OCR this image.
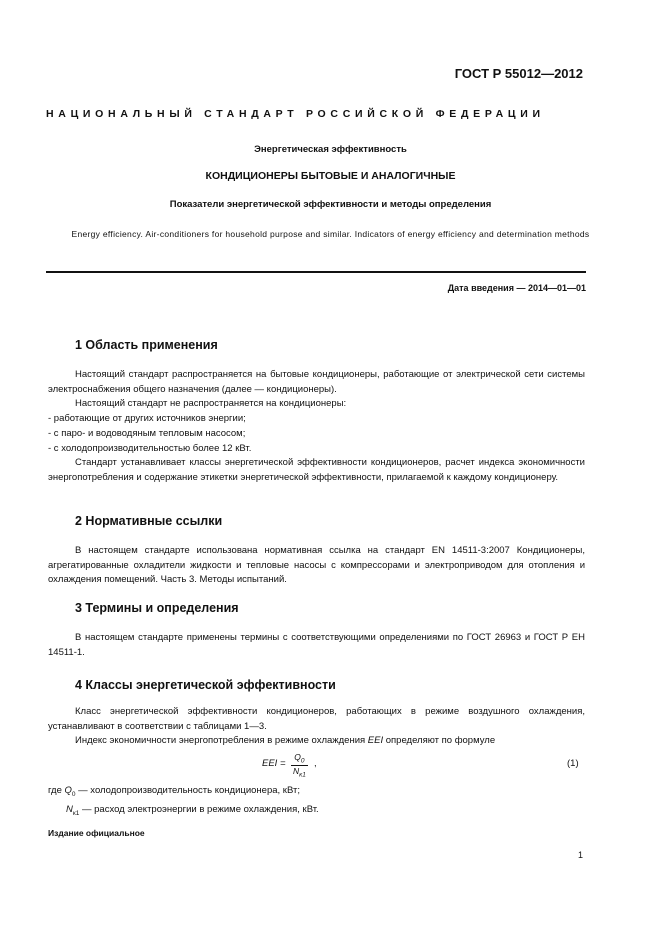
ГОСТ Р 55012—2012
НАЦИОНАЛЬНЫЙ СТАНДАРТ РОССИЙСКОЙ ФЕДЕРАЦИИ
Энергетическая эффективность
КОНДИЦИОНЕРЫ БЫТОВЫЕ И АНАЛОГИЧНЫЕ
Показатели энергетической эффективности и методы определения
Energy efficiency. Air-conditioners for household purpose and similar. Indicators of energy efficiency and determination methods
Дата введения — 2014—01—01
1 Область применения

Настоящий стандарт распространяется на бытовые кондиционеры, работающие от электрической сети системы электроснабжения общего назначения (далее — кондиционеры).

Настоящий стандарт не распространяется на кондиционеры:

- работающие от других источников энергии;

- с паро- и водоводяным тепловым насосом;

- с холодопроизводительностью более 12 кВт.

Стандарт устанавливает классы энергетической эффективности кондиционеров, расчет индекса экономичности энергопотребления и содержание этикетки энергетической эффективности, прилагаемой к каждому кондиционеру.

2 Нормативные ссылки

В настоящем стандарте использована нормативная ссылка на стандарт EN 14511-3:2007 Кондиционеры, агрегатированные охладители жидкости и тепловые насосы с компрессорами и электроприводом для отопления и охлаждения помещений. Часть 3. Методы испытаний.

3 Термины и определения

В настоящем стандарте применены термины с соответствующими определениями по ГОСТ 26963 и ГОСТ Р ЕН 14511-1.

4 Классы энергетической эффективности

Класс энергетической эффективности кондиционеров, работающих в режиме воздушного охлаждения, устанавливают в соответствии с таблицами 1—3.

Индекс экономичности энергопотребления в режиме охлаждения EEI определяют по формуле

EEI =
$Q_0$
$N_{к1}$
,	(1)
где $Q_0$ — холодопроизводительность кондиционера, кВт;
$N_{к1}$ — расход электроэнергии в режиме охлаждения, кВт.
Издание официальное
1
